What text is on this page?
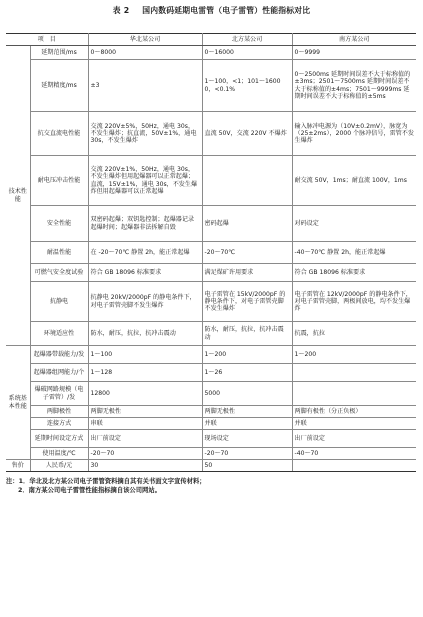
表 2 国内数码延期电雷管（电子雷管）性能指标对比
项　目		华北某公司	北方某公司	南方某公司
技术性能	延期范围/ms	0～8000	0～16000	0～9999
	延期精度/ms	±3	1～100，<1；101～16000，<0.1%	0～2500ms 延期时间误差不大于标称值的±3ms；2501～7500ms 延期时间误差不大于标称值的±4ms；7501～9999ms 延期时间误差不大于标称值的±5ms
	抗交直流电性能	交流 220V±5%，50Hz，通电 30s，不发生爆炸；抗直流，50V±1%，通电 30s，不发生爆炸	直流 50V，交流 220V 不爆炸	输入脉冲电源为（10V±0.2mV），脉宽为（25±2ms），2000 个脉冲信号，雷管不发生爆炸
	耐电压冲击性能	交流 220V±1%，50Hz，通电 30s，不发生爆炸但用起爆器可以正常起爆；直流，15V±1%，通电 30s，不发生爆炸但用起爆器可以正常起爆		耐交流 50V，1ms；耐直流 100V，1ms
	安全性能	双密码起爆；双钥匙控制；起爆器记录起爆时间；起爆器非法拆解自毁	密码起爆	对码设定
	耐温性能	在 -20～70℃ 静置 2h，能正常起爆	-20～70℃	-40～70℃ 静置 2h，能正常起爆
	可燃气安全度试验	符合 GB 18096 标准要求	满足煤矿许用要求	符合 GB 18096 标准要求
	抗静电	抗静电 20kV/2000pF 的静电条件下，对电子雷管壳脚不发生爆炸	电子雷管在 15kV/2000pF 的静电条件下，对电子雷管壳脚不发生爆炸	电子雷管在 12kV/2000pF 的静电条件下，对电子雷管壳脚，两极间放电，均不发生爆炸
	环境适应性	防水，耐压，抗拉，抗冲击震动	防水，耐压，抗拉，抗冲击震动	抗震，抗拉
系统基本性能	起爆器带载能力/发	1～100	1～200	1～200
	起爆器组网能力/个	1～128	1～26	
	爆破网路规模（电子雷管）/发	12800	5000	
	两脚极性	两脚无极性	两脚无极性	两脚有极性（分正负极）
	连接方式	串联	并联	并联
	延期时间设定方式	出厂前设定	现场设定	出厂前设定
	使用温度/℃	-20～70	-20～70	-40～70
售价	人民币/元	30	50	
注：1．华北及北方某公司电子雷管资料摘自其有关书面文字宣传材料；
2．南方某公司电子雷管性能指标摘自该公司网站。
